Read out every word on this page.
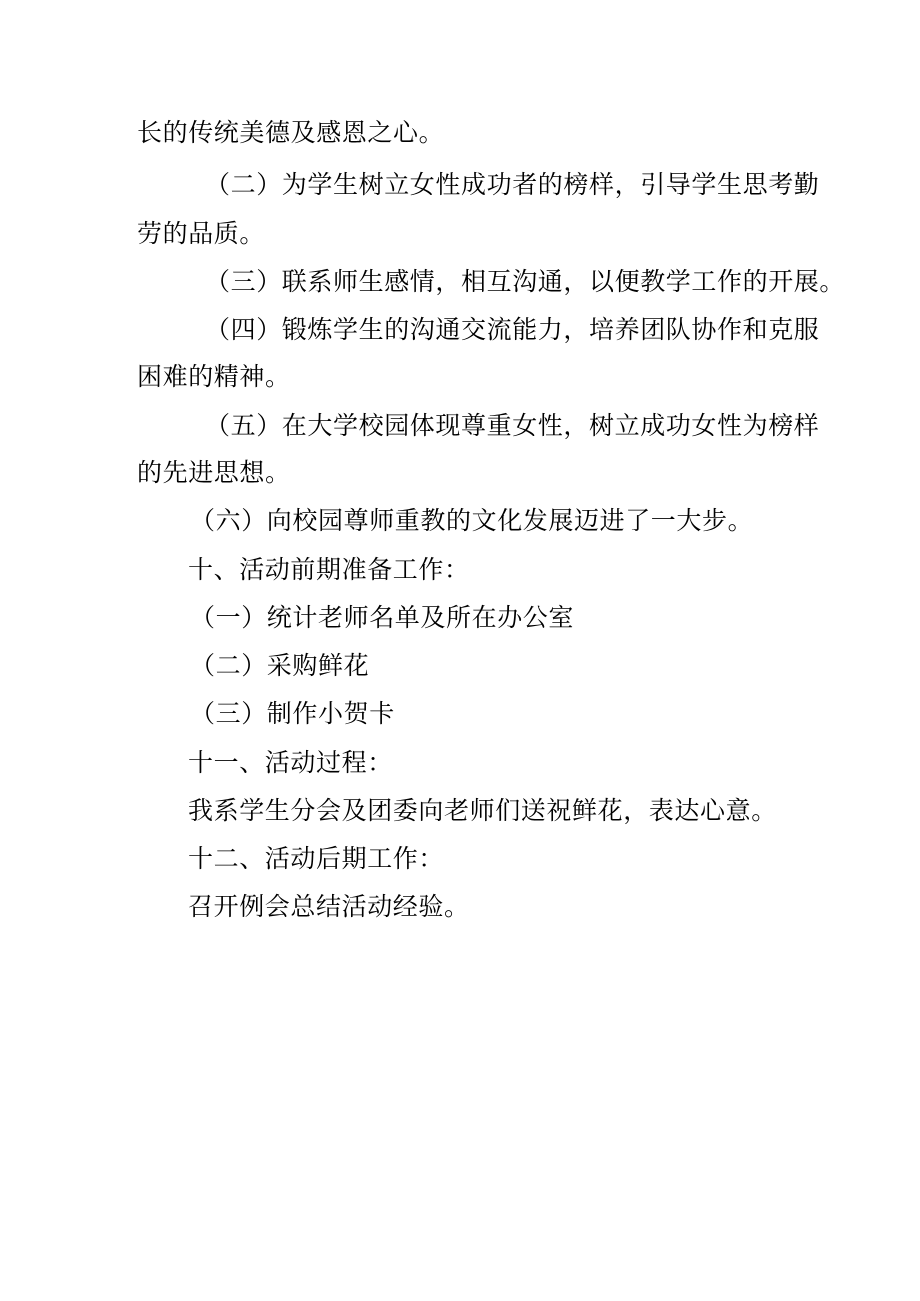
长的传统美德及感恩之心。
（二）为学生树立女性成功者的榜样，引导学生思考勤
劳的品质。
（三）联系师生感情，相互沟通，以便教学工作的开展。
（四）锻炼学生的沟通交流能力，培养团队协作和克服
困难的精神。
（五）在大学校园体现尊重女性，树立成功女性为榜样
的先进思想。
（六）向校园尊师重教的文化发展迈进了一大步。
十、活动前期准备工作：
（一）统计老师名单及所在办公室
（二）采购鲜花
（三）制作小贺卡
十一、活动过程：
我系学生分会及团委向老师们送祝鲜花，表达心意。
十二、活动后期工作：
召开例会总结活动经验。
